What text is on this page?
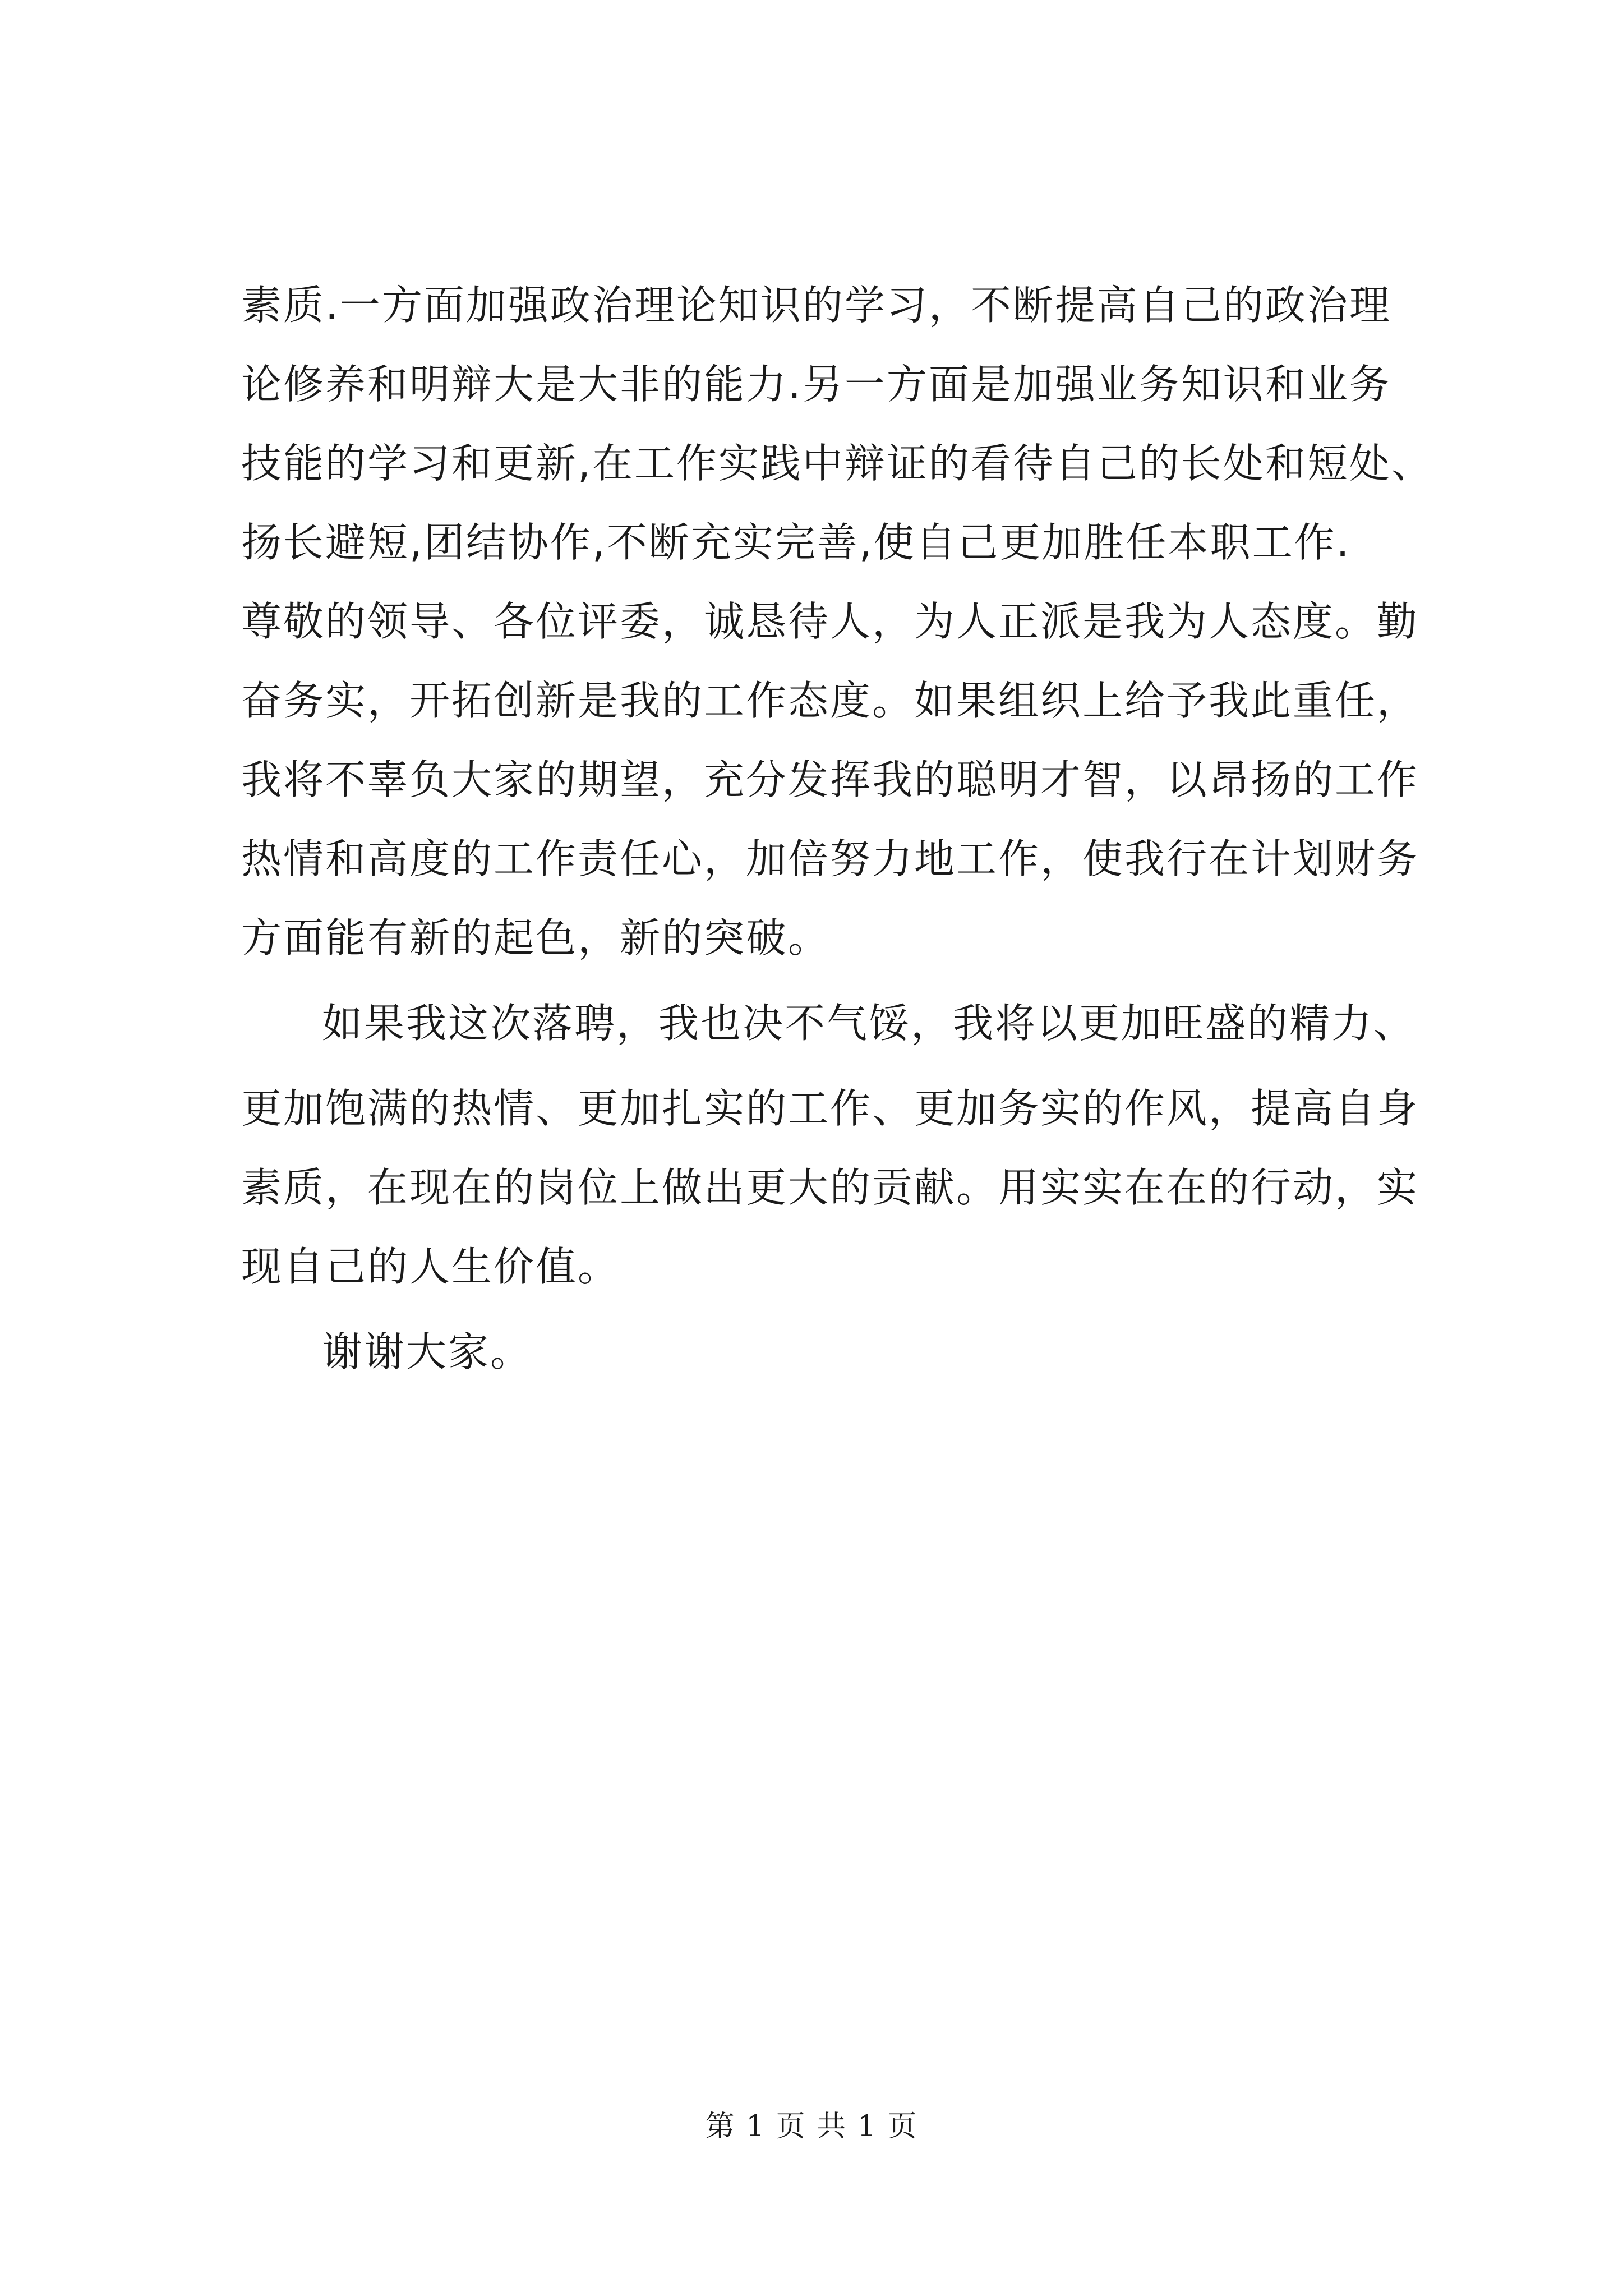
素质.一方面加强政治理论知识的学习，不断提高自己的政治理
论修养和明辩大是大非的能力.另一方面是加强业务知识和业务
技能的学习和更新,在工作实践中辩证的看待自己的长处和短处、
扬长避短,团结协作,不断充实完善,使自己更加胜任本职工作.
尊敬的领导、各位评委，诚恳待人，为人正派是我为人态度。勤
奋务实，开拓创新是我的工作态度。如果组织上给予我此重任，
我将不辜负大家的期望，充分发挥我的聪明才智，以昂扬的工作
热情和高度的工作责任心，加倍努力地工作，使我行在计划财务
方面能有新的起色，新的突破。
如果我这次落聘，我也决不气馁，我将以更加旺盛的精力、
更加饱满的热情、更加扎实的工作、更加务实的作风，提高自身
素质，在现在的岗位上做出更大的贡献。用实实在在的行动，实
现自己的人生价值。
谢谢大家。
第 1 页 共 1 页
